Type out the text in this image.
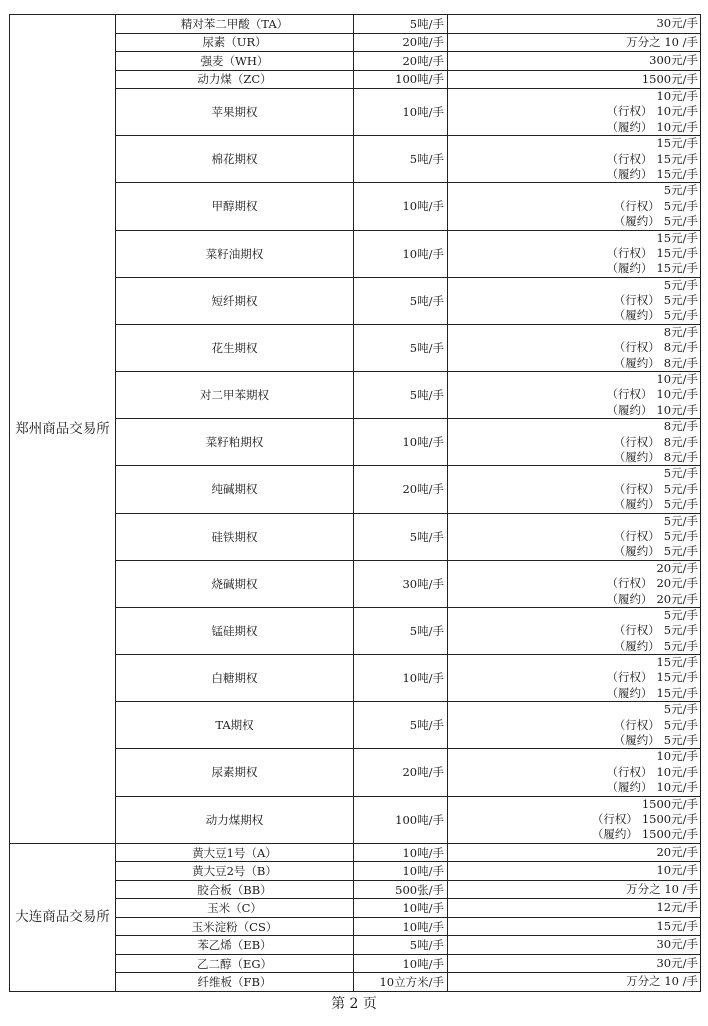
郑州商品交易所	精对苯二甲酸（TA）	5吨/手	30元/手

	尿素（UR）	20吨/手	万分之 10 /手

	强麦（WH）	20吨/手	300元/手

	动力煤（ZC）	100吨/手	1500元/手

	苹果期权	10吨/手	10元/手
（行权） 10元/手
（履约） 10元/手

	棉花期权	5吨/手	15元/手
（行权） 15元/手
（履约） 15元/手

	甲醇期权	10吨/手	5元/手
（行权） 5元/手
（履约） 5元/手

	菜籽油期权	10吨/手	15元/手
（行权） 15元/手
（履约） 15元/手

	短纤期权	5吨/手	5元/手
（行权） 5元/手
（履约） 5元/手

	花生期权	5吨/手	8元/手
（行权） 8元/手
（履约） 8元/手

	对二甲苯期权	5吨/手	10元/手
（行权） 10元/手
（履约） 10元/手

	菜籽粕期权	10吨/手	8元/手
（行权） 8元/手
（履约） 8元/手

	纯碱期权	20吨/手	5元/手
（行权） 5元/手
（履约） 5元/手

	硅铁期权	5吨/手	5元/手
（行权） 5元/手
（履约） 5元/手

	烧碱期权	30吨/手	20元/手
（行权） 20元/手
（履约） 20元/手

	锰硅期权	5吨/手	5元/手
（行权） 5元/手
（履约） 5元/手

	白糖期权	10吨/手	15元/手
（行权） 15元/手
（履约） 15元/手

	TA期权	5吨/手	5元/手
（行权） 5元/手
（履约） 5元/手

	尿素期权	20吨/手	10元/手
（行权） 10元/手
（履约） 10元/手

	动力煤期权	100吨/手	1500元/手
（行权） 1500元/手
（履约） 1500元/手

大连商品交易所	黄大豆1号（A）	10吨/手	20元/手

	黄大豆2号（B）	10吨/手	10元/手

	胶合板（BB）	500张/手	万分之 10 /手

	玉米（C）	10吨/手	12元/手

	玉米淀粉（CS）	10吨/手	15元/手

	苯乙烯（EB）	5吨/手	30元/手

	乙二醇（EG）	10吨/手	30元/手

	纤维板（FB）	10立方米/手	万分之 10 /手
第 2 页
